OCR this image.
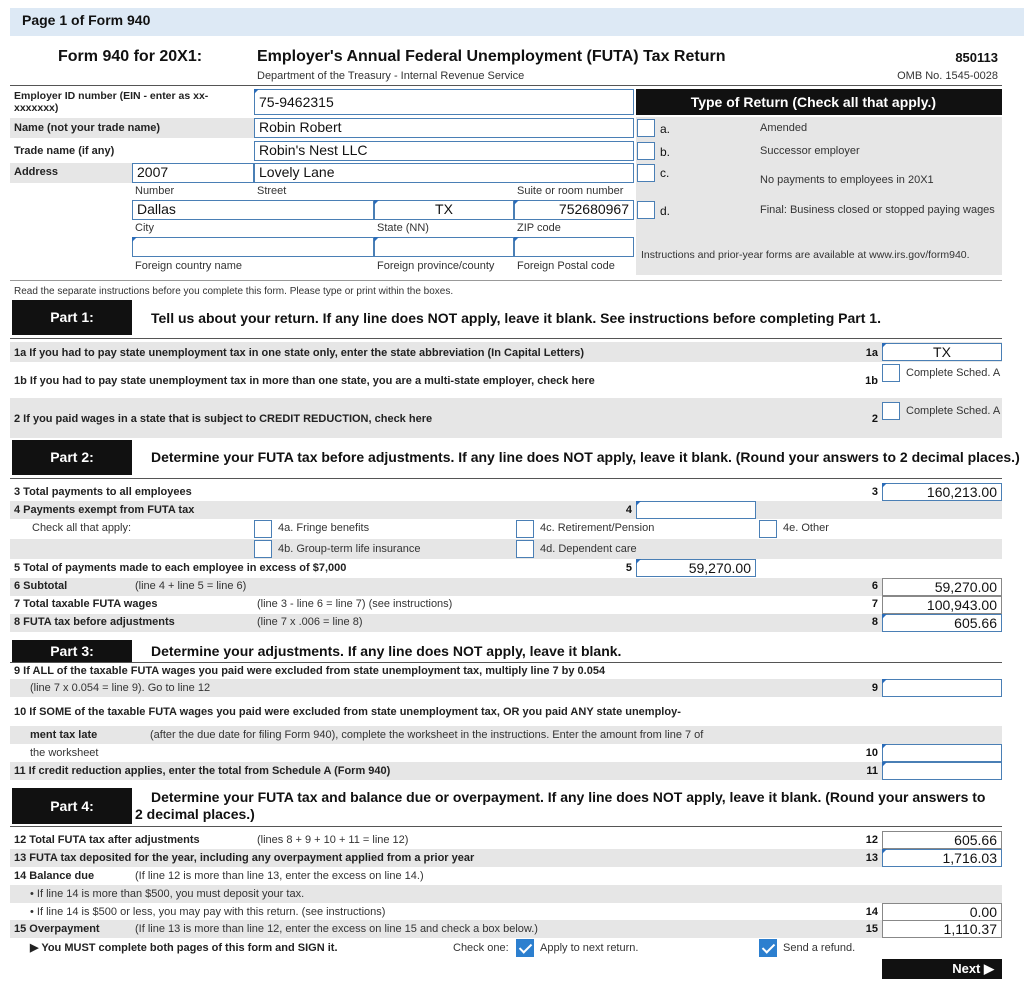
Page 1 of Form 940
Form 940 for 20X1:	Employer's Annual Federal Unemployment (FUTA) Tax Return
Department of the Treasury - Internal Revenue Service
850113
OMB No. 1545-0028
Employer ID number (EIN - enter as xx-xxxxxxx)	75-9462315
Name (not your trade name)	Robin Robert
Trade name (if any)	Robin's Nest LLC
Address	2007	Lovely Lane
Number	Street	Suite or room number
Dallas	TX	752680967
City	State (NN)	ZIP code
Foreign country name	Foreign province/county Foreign Postal code
Type of Return (Check all that apply.)
a.	Amended
b.	Successor employer
c.	No payments to employees in 20X1
d.	Final: Business closed or stopped paying wages
Instructions and prior-year forms are available at www.irs.gov/form940.
Read the separate instructions before you complete this form. Please type or print within the boxes.
Part 1:	Tell us about your return. If any line does NOT apply, leave it blank. See instructions before completing Part 1.
1a If you had to pay state unemployment tax in one state only, enter the state abbreviation (In Capital Letters)	1a	TX
1b If you had to pay state unemployment tax in more than one state, you are a multi-state employer, check here	1b
Complete Sched. A
2 If you paid wages in a state that is subject to CREDIT REDUCTION, check here	2
Complete Sched. A
Part 2:	Determine your FUTA tax before adjustments. If any line does NOT apply, leave it blank. (Round your answers to 2 decimal places.)
3 Total payments to all employees	3	160,213.00
4 Payments exempt from FUTA tax	4
Check all that apply:	4a. Fringe benefits	4c. Retirement/Pension	4e. Other
4b. Group-term life insurance	4d. Dependent care
5 Total of payments made to each employee in excess of $7,000	5	59,270.00
6 Subtotal	(line 4 + line 5 = line 6)	6	59,270.00
7 Total taxable FUTA wages	(line 3 - line 6 = line 7) (see instructions)	7	100,943.00
8 FUTA tax before adjustments	(line 7 x .006 = line 8)	8	605.66
Part 3:	Determine your adjustments. If any line does NOT apply, leave it blank.
9 If ALL of the taxable FUTA wages you paid were excluded from state unemployment tax, multiply line 7 by 0.054
(line 7 x 0.054 = line 9). Go to line 12	9
10 If SOME of the taxable FUTA wages you paid were excluded from state unemployment tax, OR you paid ANY state unemploy-
ment tax late	(after the due date for filing Form 940), complete the worksheet in the instructions. Enter the amount from line 7 of
the worksheet	10
11 If credit reduction applies, enter the total from Schedule A (Form 940)	11
Part 4:
Determine your FUTA tax and balance due or overpayment. If any line does NOT apply, leave it blank. (Round your answers to 2 decimal places.)
12 Total FUTA tax after adjustments	(lines 8 + 9 + 10 + 11 = line 12)	12	605.66
13 FUTA tax deposited for the year, including any overpayment applied from a prior year	13	1,716.03
14 Balance due	(If line 12 is more than line 13, enter the excess on line 14.)
• If line 14 is more than $500, you must deposit your tax.
• If line 14 is $500 or less, you may pay with this return. (see instructions)	14	0.00
15 Overpayment	(If line 13 is more than line 12, enter the excess on line 15 and check a box below.)	15	1,110.37
▶ You MUST complete both pages of this form and SIGN it.	Check one:	Apply to next return.	Send a refund.
Next ▶
